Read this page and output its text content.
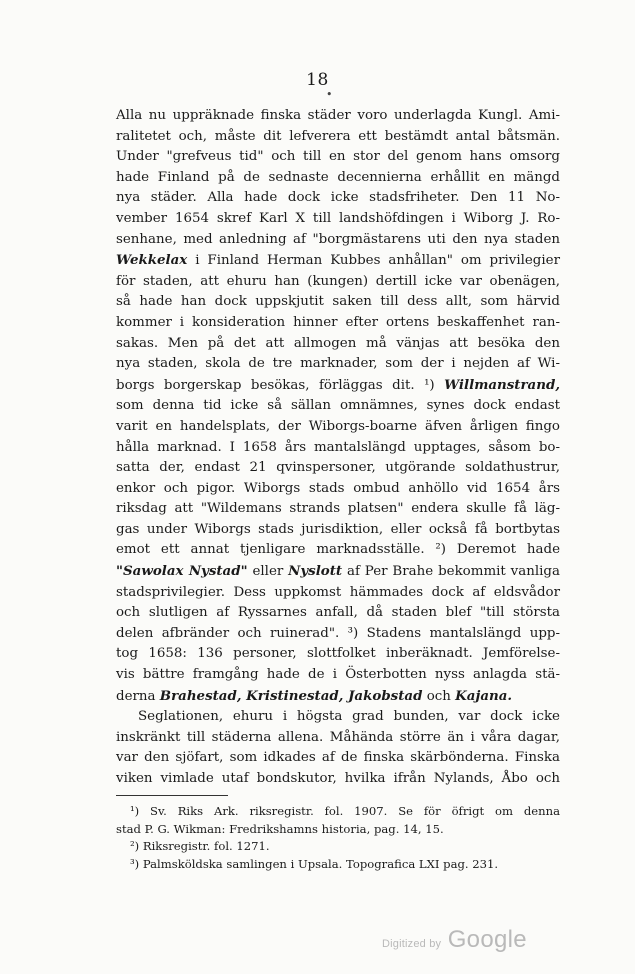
18
•
Alla nu uppräknade finska städer voro underlagda Kungl. Ami-
ralitetet och, måste dit lefverera ett bestämdt antal båtsmän.
Under "grefveus tid" och till en stor del genom hans omsorg
hade Finland på de sednaste decennierna erhållit en mängd
nya städer. Alla hade dock icke stadsfriheter. Den 11 No-
vember 1654 skref Karl X till landshöfdingen i Wiborg J. Ro-
senhane, med anledning af "borgmästarens uti den nya staden
Wekkelax i Finland Herman Kubbes anhållan" om privilegier
för staden, att ehuru han (kungen) dertill icke var obenägen,
så hade han dock uppskjutit saken till dess allt, som härvid
kommer i konsideration hinner efter ortens beskaffenhet ran-
sakas. Men på det att allmogen må vänjas att besöka den
nya staden, skola de tre marknader, som der i nejden af Wi-
borgs borgerskap besökas, förläggas dit. ¹) Willmanstrand,
som denna tid icke så sällan omnämnes, synes dock endast
varit en handelsplats, der Wiborgs-boarne äfven årligen fingo
hålla marknad. I 1658 års mantalslängd upptages, såsom bo-
satta der, endast 21 qvinspersoner, utgörande soldathustrur,
enkor och pigor. Wiborgs stads ombud anhöllo vid 1654 års
riksdag att "Wildemans strands platsen" endera skulle få läg-
gas under Wiborgs stads jurisdiktion, eller också få bortbytas
emot ett annat tjenligare marknadsställe. ²) Deremot hade
"Sawolax Nystad" eller Nyslott af Per Brahe bekommit vanliga
stadsprivilegier. Dess uppkomst hämmades dock af eldsvådor
och slutligen af Ryssarnes anfall, då staden blef "till största
delen afbränder och ruinerad". ³) Stadens mantalslängd upp-
tog 1658: 136 personer, slottfolket inberäknadt. Jemförelse-
vis bättre framgång hade de i Österbotten nyss anlagda stä-
derna Brahestad, Kristinestad, Jakobstad och Kajana.
Seglationen, ehuru i högsta grad bunden, var dock icke
inskränkt till städerna allena. Måhända större än i våra dagar,
var den sjöfart, som idkades af de finska skärbönderna. Finska
viken vimlade utaf bondskutor, hvilka ifrån Nylands, Åbo och
¹) Sv. Riks Ark. riksregistr. fol. 1907. Se för öfrigt om denna
stad P. G. Wikman: Fredrikshamns historia, pag. 14, 15.
²) Riksregistr. fol. 1271.
³) Palmsköldska samlingen i Upsala. Topografica LXI pag. 231.
Digitized by Google
